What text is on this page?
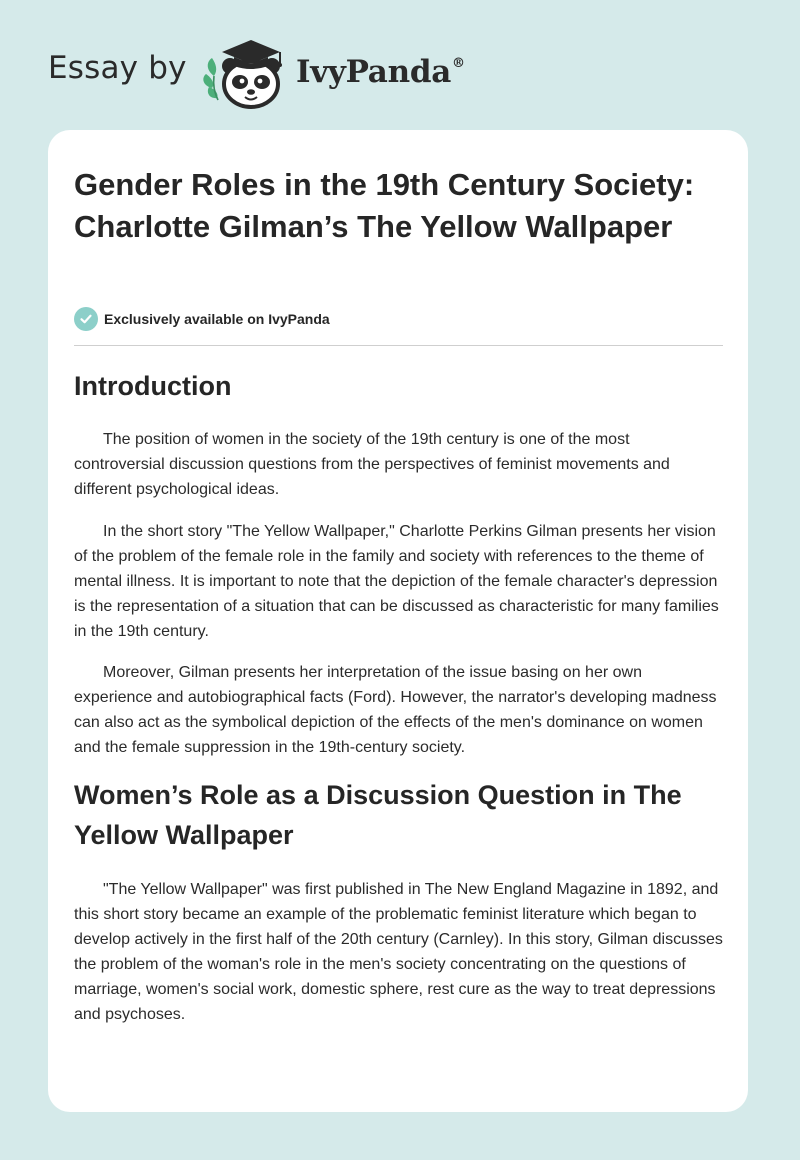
Essay by	IvyPanda®
Gender Roles in the 19th Century Society: Charlotte Gilman’s The Yellow Wallpaper
Exclusively available on IvyPanda
Introduction

The position of women in the society of the 19th century is one of the most controversial discussion questions from the perspectives of feminist movements and different psychological ideas.

In the short story "The Yellow Wallpaper," Charlotte Perkins Gilman presents her vision of the problem of the female role in the family and society with references to the theme of mental illness. It is important to note that the depiction of the female character's depression is the representation of a situation that can be discussed as characteristic for many families in the 19th century.

Moreover, Gilman presents her interpretation of the issue basing on her own experience and autobiographical facts (Ford). However, the narrator's developing madness can also act as the symbolical depiction of the effects of the men's dominance on women and the female suppression in the 19th-century society.

Women’s Role as a Discussion Question in The Yellow Wallpaper

"The Yellow Wallpaper" was first published in The New England Magazine in 1892, and this short story became an example of the problematic feminist literature which began to develop actively in the first half of the 20th century (Carnley). In this story, Gilman discusses the problem of the woman's role in the men's society concentrating on the questions of marriage, women's social work, domestic sphere, rest cure as the way to treat depressions and psychoses.
